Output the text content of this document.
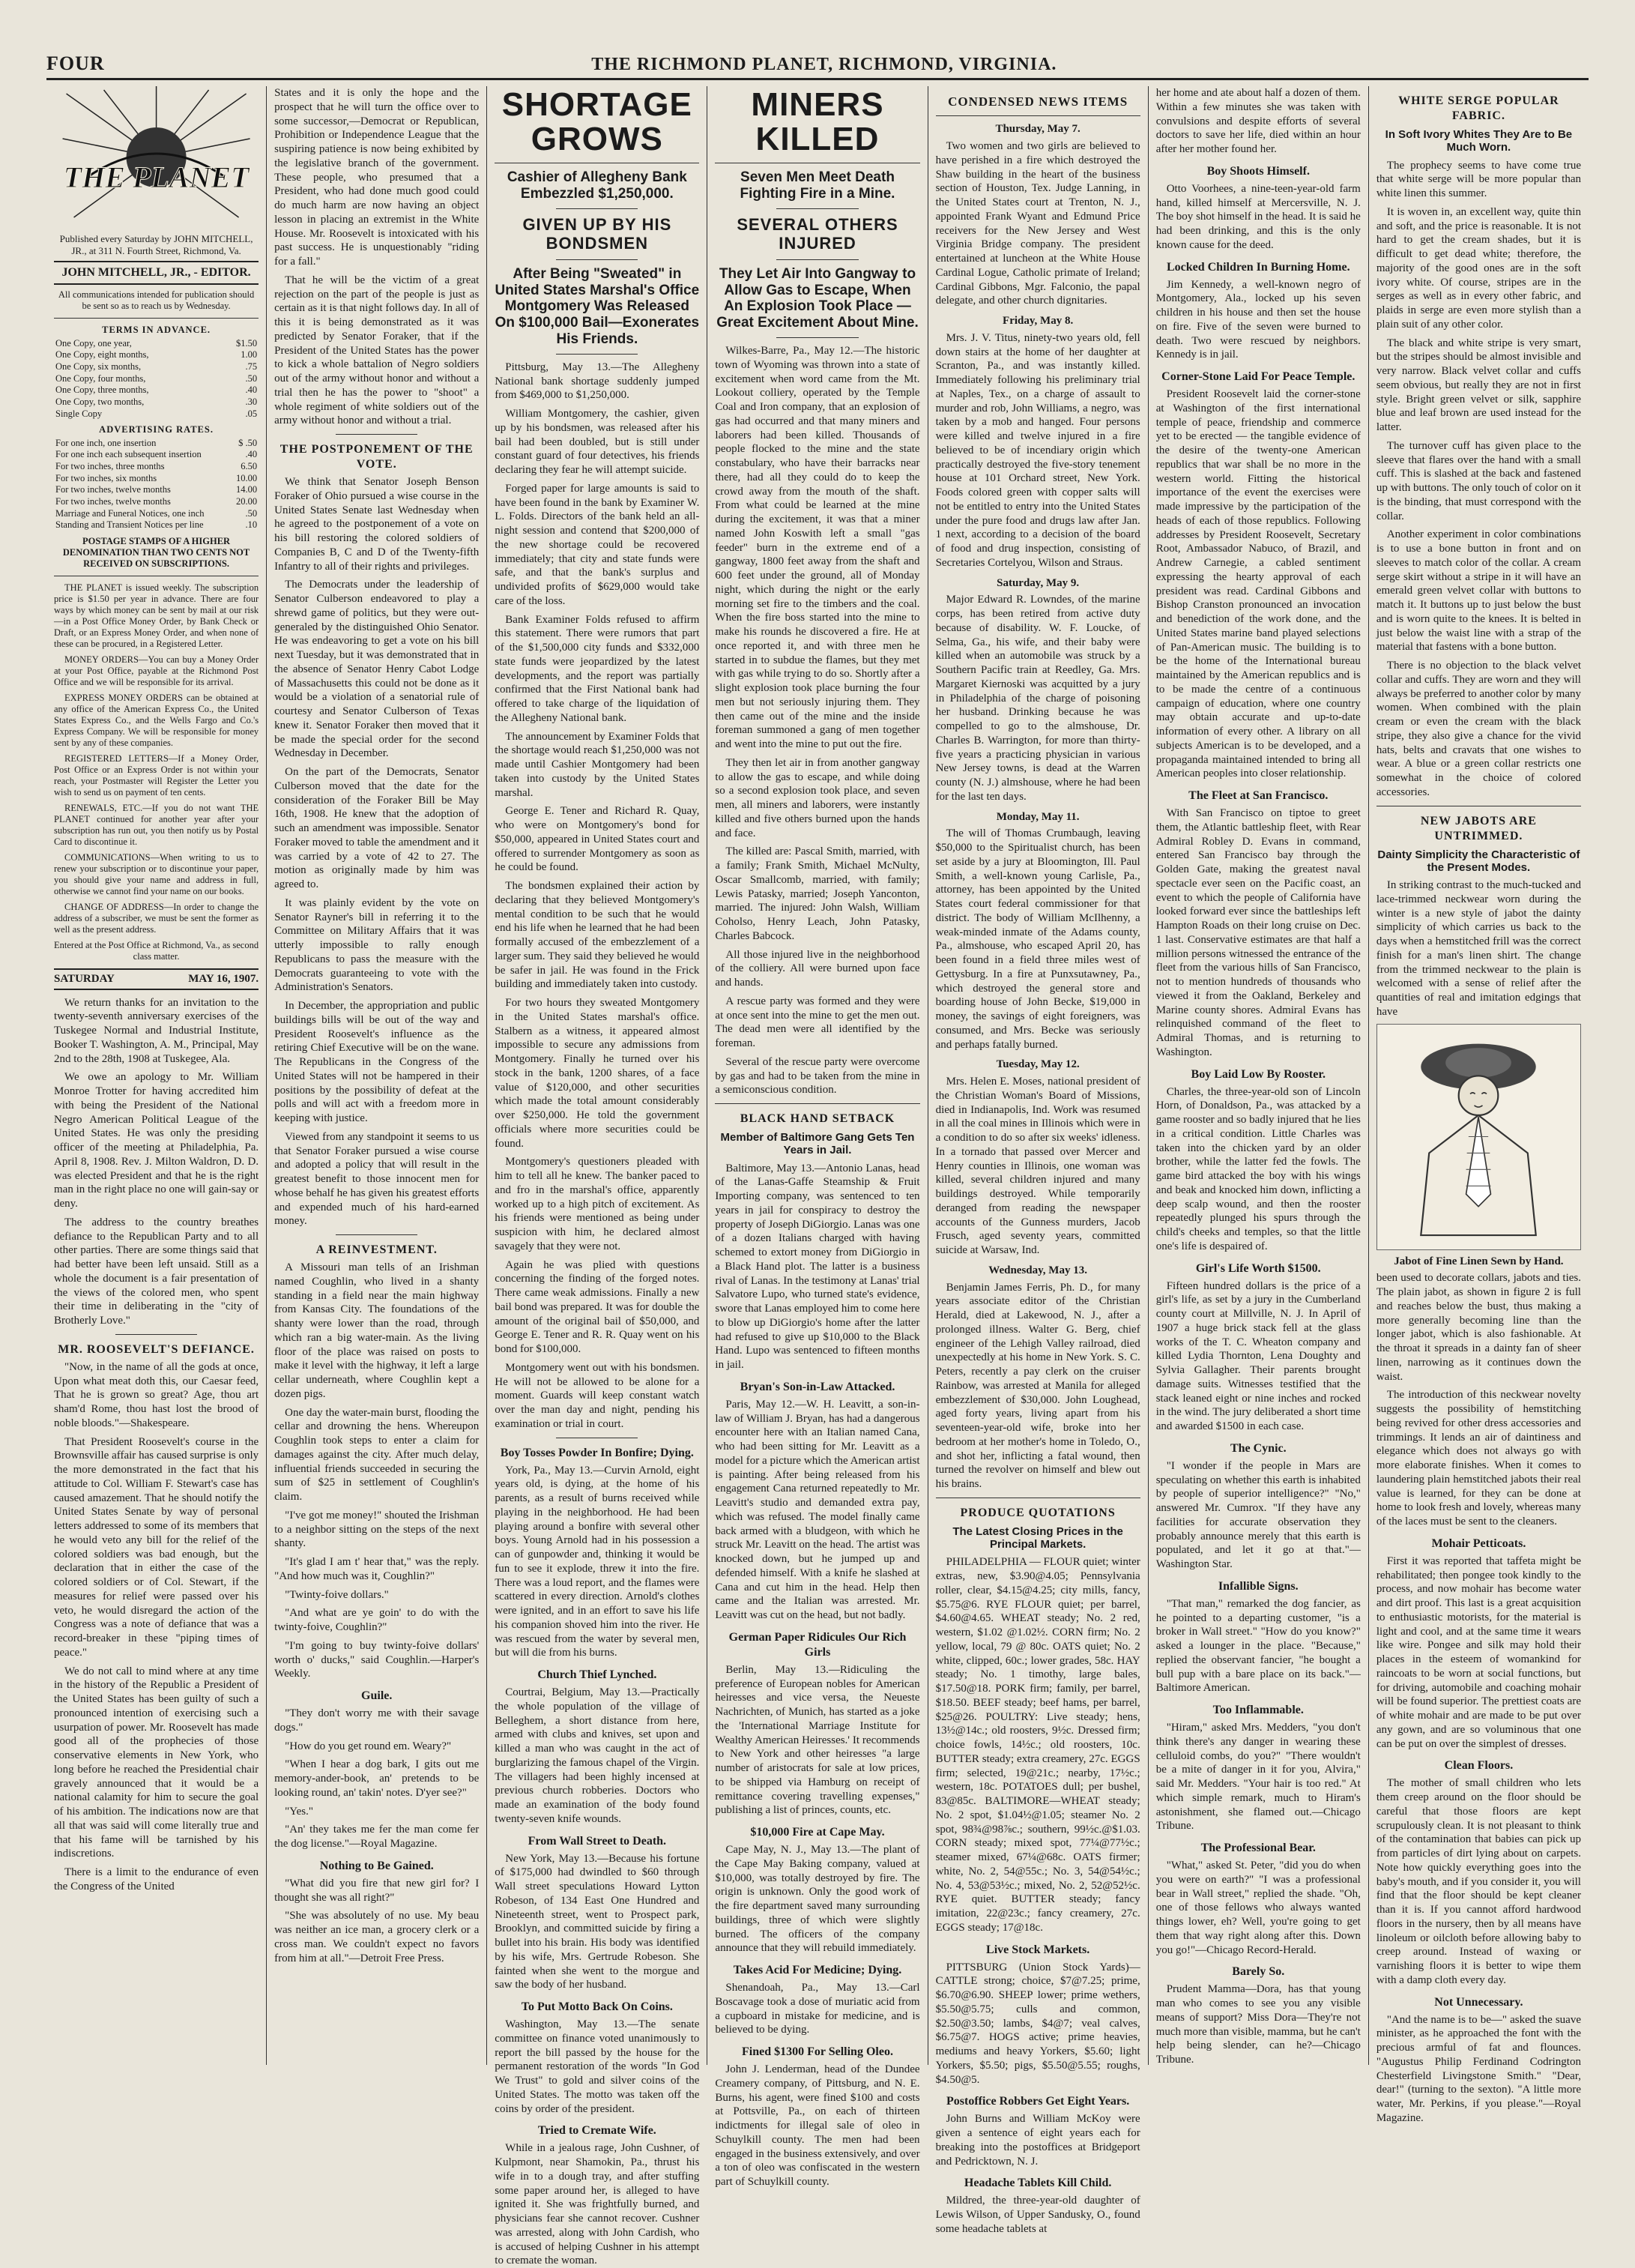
FOUR	THE RICHMOND PLANET, RICHMOND, VIRGINIA.
THE PLANET
Published every Saturday by JOHN MITCHELL, JR., at 311 N. Fourth Street, Richmond, Va.
JOHN MITCHELL, JR., - EDITOR.
All communications intended for publication should be sent so as to reach us by Wednesday.
TERMS IN ADVANCE.
One Copy, one year,	$1.50
One Copy, eight months,	1.00
One Copy, six months,	.75
One Copy, four months,	.50
One Copy, three months,	.40
One Copy, two months,	.30
Single Copy	.05
ADVERTISING RATES.
For one inch, one insertion	$ .50
For one inch each subsequent insertion	.40
For two inches, three months	6.50
For two inches, six months	10.00
For two inches, twelve months	14.00
For two inches, twelve months	20.00
Marriage and Funeral Notices, one inch	.50
Standing and Transient Notices per line	.10
POSTAGE STAMPS OF A HIGHER DENOMINATION THAN TWO CENTS NOT RECEIVED ON SUBSCRIPTIONS.

THE PLANET is issued weekly. The subscription price is $1.50 per year in advance. There are four ways by which money can be sent by mail at our risk—in a Post Office Money Order, by Bank Check or Draft, or an Express Money Order, and when none of these can be procured, in a Registered Letter.

MONEY ORDERS—You can buy a Money Order at your Post Office, payable at the Richmond Post Office and we will be responsible for its arrival.

EXPRESS MONEY ORDERS can be obtained at any office of the American Express Co., the United States Express Co., and the Wells Fargo and Co.'s Express Company. We will be responsible for money sent by any of these companies.

REGISTERED LETTERS—If a Money Order, Post Office or an Express Order is not within your reach, your Postmaster will Register the Letter you wish to send us on payment of ten cents.

RENEWALS, ETC.—If you do not want THE PLANET continued for another year after your subscription has run out, you then notify us by Postal Card to discontinue it.

COMMUNICATIONS—When writing to us to renew your subscription or to discontinue your paper, you should give your name and address in full, otherwise we cannot find your name on our books.

CHANGE OF ADDRESS—In order to change the address of a subscriber, we must be sent the former as well as the present address.

Entered at the Post Office at Richmond, Va., as second class matter.

SATURDAY	MAY 16, 1907.

We return thanks for an invitation to the twenty-seventh anniversary exercises of the Tuskegee Normal and Industrial Institute, Booker T. Washington, A. M., Principal, May 2nd to the 28th, 1908 at Tuskegee, Ala.

We owe an apology to Mr. William Monroe Trotter for having accredited him with being the President of the National Negro American Political League of the United States. He was only the presiding officer of the meeting at Philadelphia, Pa. April 8, 1908. Rev. J. Milton Waldron, D. D. was elected President and that he is the right man in the right place no one will gain-say or deny.

The address to the country breathes defiance to the Republican Party and to all other parties. There are some things said that had better have been left unsaid. Still as a whole the document is a fair presentation of the views of the colored men, who spent their time in deliberating in the "city of Brotherly Love."

MR. ROOSEVELT'S DEFIANCE.

"Now, in the name of all the gods at once, Upon what meat doth this, our Caesar feed, That he is grown so great? Age, thou art sham'd Rome, thou hast lost the brood of noble bloods."—Shakespeare.

That President Roosevelt's course in the Brownsville affair has caused surprise is only the more demonstrated in the fact that his attitude to Col. William F. Stewart's case has caused amazement. That he should notify the United States Senate by way of personal letters addressed to some of its members that he would veto any bill for the relief of the colored soldiers was bad enough, but the declaration that in either the case of the colored soldiers or of Col. Stewart, if the measures for relief were passed over his veto, he would disregard the action of the Congress was a note of defiance that was a record-breaker in these "piping times of peace."

We do not call to mind where at any time in the history of the Republic a President of the United States has been guilty of such a pronounced intention of exercising such a usurpation of power. Mr. Roosevelt has made good all of the prophecies of those conservative elements in New York, who long before he reached the Presidential chair gravely announced that it would be a national calamity for him to secure the goal of his ambition. The indications now are that all that was said will come literally true and that his fame will be tarnished by his indiscretions.

There is a limit to the endurance of even the Congress of the United

States and it is only the hope and the prospect that he will turn the office over to some successor,—Democrat or Republican, Prohibition or Independence League that the suspiring patience is now being exhibited by the legislative branch of the government. These people, who presumed that a President, who had done much good could do much harm are now having an object lesson in placing an extremist in the White House. Mr. Roosevelt is intoxicated with his past success. He is unquestionably "riding for a fall."

That he will be the victim of a great rejection on the part of the people is just as certain as it is that night follows day. In all of this it is being demonstrated as it was predicted by Senator Foraker, that if the President of the United States has the power to kick a whole battalion of Negro soldiers out of the army without honor and without a trial then he has the power to "shoot" a whole regiment of white soldiers out of the army without honor and without a trial.

THE POSTPONEMENT OF THE VOTE.

We think that Senator Joseph Benson Foraker of Ohio pursued a wise course in the United States Senate last Wednesday when he agreed to the postponement of a vote on his bill restoring the colored soldiers of Companies B, C and D of the Twenty-fifth Infantry to all of their rights and privileges.

The Democrats under the leadership of Senator Culberson endeavored to play a shrewd game of politics, but they were out-generaled by the distinguished Ohio Senator. He was endeavoring to get a vote on his bill next Tuesday, but it was demonstrated that in the absence of Senator Henry Cabot Lodge of Massachusetts this could not be done as it would be a violation of a senatorial rule of courtesy and Senator Culberson of Texas knew it. Senator Foraker then moved that it be made the special order for the second Wednesday in December.

On the part of the Democrats, Senator Culberson moved that the date for the consideration of the Foraker Bill be May 16th, 1908. He knew that the adoption of such an amendment was impossible. Senator Foraker moved to table the amendment and it was carried by a vote of 42 to 27. The motion as originally made by him was agreed to.

It was plainly evident by the vote on Senator Rayner's bill in referring it to the Committee on Military Affairs that it was utterly impossible to rally enough Republicans to pass the measure with the Democrats guaranteeing to vote with the Administration's Senators.

In December, the appropriation and public buildings bills will be out of the way and President Roosevelt's influence as the retiring Chief Executive will be on the wane. The Republicans in the Congress of the United States will not be hampered in their positions by the possibility of defeat at the polls and will act with a freedom more in keeping with justice.

Viewed from any standpoint it seems to us that Senator Foraker pursued a wise course and adopted a policy that will result in the greatest benefit to those innocent men for whose behalf he has given his greatest efforts and expended much of his hard-earned money.

A REINVESTMENT.

A Missouri man tells of an Irishman named Coughlin, who lived in a shanty standing in a field near the main highway from Kansas City. The foundations of the shanty were lower than the road, through which ran a big water-main. As the living floor of the place was raised on posts to make it level with the highway, it left a large cellar underneath, where Coughlin kept a dozen pigs.

One day the water-main burst, flooding the cellar and drowning the hens. Whereupon Coughlin took steps to enter a claim for damages against the city. After much delay, influential friends succeeded in securing the sum of $25 in settlement of Coughlin's claim.

"I've got me money!" shouted the Irishman to a neighbor sitting on the steps of the next shanty.

"It's glad I am t' hear that," was the reply. "And how much was it, Coughlin?"

"Twinty-foive dollars."

"And what are ye goin' to do with the twinty-foive, Coughlin?"

"I'm going to buy twinty-foive dollars' worth o' ducks," said Coughlin.—Harper's Weekly.

Guile.

"They don't worry me with their savage dogs."

"How do you get round em. Weary?"

"When I hear a dog bark, I gits out me memory-ander-book, an' pretends to be looking round, an' takin' notes. D'yer see?"

"Yes."

"An' they takes me fer the man come fer the dog license."—Royal Magazine.

Nothing to Be Gained.

"What did you fire that new girl for? I thought she was all right?"

"She was absolutely of no use. My beau was neither an ice man, a grocery clerk or a cross man. We couldn't expect no favors from him at all."—Detroit Free Press.

SHORTAGE GROWS
Cashier of Allegheny Bank Embezzled $1,250,000.
GIVEN UP BY HIS BONDSMEN
After Being "Sweated" in United States Marshal's Office Montgomery Was Released On $100,000 Bail—Exonerates His Friends.

Pittsburg, May 13.—The Allegheny National bank shortage suddenly jumped from $469,000 to $1,250,000.

William Montgomery, the cashier, given up by his bondsmen, was released after his bail had been doubled, but is still under constant guard of four detectives, his friends declaring they fear he will attempt suicide.

Forged paper for large amounts is said to have been found in the bank by Examiner W. L. Folds. Directors of the bank held an all-night session and contend that $200,000 of the new shortage could be recovered immediately; that city and state funds were safe, and that the bank's surplus and undivided profits of $629,000 would take care of the loss.

Bank Examiner Folds refused to affirm this statement. There were rumors that part of the $1,500,000 city funds and $332,000 state funds were jeopardized by the latest developments, and the report was partially confirmed that the First National bank had offered to take charge of the liquidation of the Allegheny National bank.

The announcement by Examiner Folds that the shortage would reach $1,250,000 was not made until Cashier Montgomery had been taken into custody by the United States marshal.

George E. Tener and Richard R. Quay, who were on Montgomery's bond for $50,000, appeared in United States court and offered to surrender Montgomery as soon as he could be found.

The bondsmen explained their action by declaring that they believed Montgomery's mental condition to be such that he would end his life when he learned that he had been formally accused of the embezzlement of a larger sum. They said they believed he would be safer in jail. He was found in the Frick building and immediately taken into custody.

For two hours they sweated Montgomery in the United States marshal's office. Stalbern as a witness, it appeared almost impossible to secure any admissions from Montgomery. Finally he turned over his stock in the bank, 1200 shares, of a face value of $120,000, and other securities which made the total amount considerably over $250,000. He told the government officials where more securities could be found.

Montgomery's questioners pleaded with him to tell all he knew. The banker paced to and fro in the marshal's office, apparently worked up to a high pitch of excitement. As his friends were mentioned as being under suspicion with him, he declared almost savagely that they were not.

Again he was plied with questions concerning the finding of the forged notes. There came weak admissions. Finally a new bail bond was prepared. It was for double the amount of the original bail of $50,000, and George E. Tener and R. R. Quay went on his bond for $100,000.

Montgomery went out with his bondsmen. He will not be allowed to be alone for a moment. Guards will keep constant watch over the man day and night, pending his examination or trial in court.

Boy Tosses Powder In Bonfire; Dying.

York, Pa., May 13.—Curvin Arnold, eight years old, is dying, at the home of his parents, as a result of burns received while playing in the neighborhood. He had been playing around a bonfire with several other boys. Young Arnold had in his possession a can of gunpowder and, thinking it would be fun to see it explode, threw it into the fire. There was a loud report, and the flames were scattered in every direction. Arnold's clothes were ignited, and in an effort to save his life his companion shoved him into the river. He was rescued from the water by several men, but will die from his burns.

Church Thief Lynched.

Courtrai, Belgium, May 13.—Practically the whole population of the village of Belleghem, a short distance from here, armed with clubs and knives, set upon and killed a man who was caught in the act of burglarizing the famous chapel of the Virgin. The villagers had been highly incensed at previous church robberies. Doctors who made an examination of the body found twenty-seven knife wounds.

From Wall Street to Death.

New York, May 13.—Because his fortune of $175,000 had dwindled to $60 through Wall street speculations Howard Lytton Robeson, of 134 East One Hundred and Nineteenth street, went to Prospect park, Brooklyn, and committed suicide by firing a bullet into his brain. His body was identified by his wife, Mrs. Gertrude Robeson. She fainted when she went to the morgue and saw the body of her husband.

To Put Motto Back On Coins.

Washington, May 13.—The senate committee on finance voted unanimously to report the bill passed by the house for the permanent restoration of the words "In God We Trust" to gold and silver coins of the United States. The motto was taken off the coins by order of the president.

Tried to Cremate Wife.

While in a jealous rage, John Cushner, of Kulpmont, near Shamokin, Pa., thrust his wife in to a dough tray, and after stuffing some paper around her, is alleged to have ignited it. She was frightfully burned, and physicians fear she cannot recover. Cushner was arrested, along with John Cardish, who is accused of helping Cushner in his attempt to cremate the woman.

MINERS KILLED
Seven Men Meet Death Fighting Fire in a Mine.
SEVERAL OTHERS INJURED
They Let Air Into Gangway to Allow Gas to Escape, When An Explosion Took Place — Great Excitement About Mine.

Wilkes-Barre, Pa., May 12.—The historic town of Wyoming was thrown into a state of excitement when word came from the Mt. Lookout colliery, operated by the Temple Coal and Iron company, that an explosion of gas had occurred and that many miners and laborers had been killed. Thousands of people flocked to the mine and the state constabulary, who have their barracks near there, had all they could do to keep the crowd away from the mouth of the shaft. From what could be learned at the mine during the excitement, it was that a miner named John Koswith left a small "gas feeder" burn in the extreme end of a gangway, 1800 feet away from the shaft and 600 feet under the ground, all of Monday night, which during the night or the early morning set fire to the timbers and the coal. When the fire boss started into the mine to make his rounds he discovered a fire. He at once reported it, and with three men he started in to subdue the flames, but they met with gas while trying to do so. Shortly after a slight explosion took place burning the four men but not seriously injuring them. They then came out of the mine and the inside foreman summoned a gang of men together and went into the mine to put out the fire.

They then let air in from another gangway to allow the gas to escape, and while doing so a second explosion took place, and seven men, all miners and laborers, were instantly killed and five others burned upon the hands and face.

The killed are: Pascal Smith, married, with a family; Frank Smith, Michael McNulty, Oscar Smallcomb, married, with family; Lewis Patasky, married; Joseph Yanconton, married. The injured: John Walsh, William Coholso, Henry Leach, John Patasky, Charles Babcock.

All those injured live in the neighborhood of the colliery. All were burned upon face and hands.

A rescue party was formed and they were at once sent into the mine to get the men out. The dead men were all identified by the foreman.

Several of the rescue party were overcome by gas and had to be taken from the mine in a semiconscious condition.

BLACK HAND SETBACK
Member of Baltimore Gang Gets Ten Years in Jail.

Baltimore, May 13.—Antonio Lanas, head of the Lanas-Gaffe Steamship & Fruit Importing company, was sentenced to ten years in jail for conspiracy to destroy the property of Joseph DiGiorgio. Lanas was one of a dozen Italians charged with having schemed to extort money from DiGiorgio in a Black Hand plot. The latter is a business rival of Lanas. In the testimony at Lanas' trial Salvatore Lupo, who turned state's evidence, swore that Lanas employed him to come here to blow up DiGiorgio's home after the latter had refused to give up $10,000 to the Black Hand. Lupo was sentenced to fifteen months in jail.

Bryan's Son-in-Law Attacked.

Paris, May 12.—W. H. Leavitt, a son-in-law of William J. Bryan, has had a dangerous encounter here with an Italian named Cana, who had been sitting for Mr. Leavitt as a model for a picture which the American artist is painting. After being released from his engagement Cana returned repeatedly to Mr. Leavitt's studio and demanded extra pay, which was refused. The model finally came back armed with a bludgeon, with which he struck Mr. Leavitt on the head. The artist was knocked down, but he jumped up and defended himself. With a knife he slashed at Cana and cut him in the head. Help then came and the Italian was arrested. Mr. Leavitt was cut on the head, but not badly.

German Paper Ridicules Our Rich Girls

Berlin, May 13.—Ridiculing the preference of European nobles for American heiresses and vice versa, the Neueste Nachrichten, of Munich, has started as a joke the 'International Marriage Institute for Wealthy American Heiresses.' It recommends to New York and other heiresses "a large number of aristocrats for sale at low prices, to be shipped via Hamburg on receipt of remittance covering travelling expenses," publishing a list of princes, counts, etc.

$10,000 Fire at Cape May.

Cape May, N. J., May 13.—The plant of the Cape May Baking company, valued at $10,000, was totally destroyed by fire. The origin is unknown. Only the good work of the fire department saved many surrounding buildings, three of which were slightly burned. The officers of the company announce that they will rebuild immediately.

Takes Acid For Medicine; Dying.

Shenandoah, Pa., May 13.—Carl Boscavage took a dose of muriatic acid from a cupboard in mistake for medicine, and is believed to be dying.

Fined $1300 For Selling Oleo.

John J. Lenderman, head of the Dundee Creamery company, of Pittsburg, and N. E. Burns, his agent, were fined $100 and costs at Pottsville, Pa., on each of thirteen indictments for illegal sale of oleo in Schuylkill county. The men had been engaged in the business extensively, and over a ton of oleo was confiscated in the western part of Schuylkill county.

CONDENSED NEWS ITEMS
Thursday, May 7.

Two women and two girls are believed to have perished in a fire which destroyed the Shaw building in the heart of the business section of Houston, Tex. Judge Lanning, in the United States court at Trenton, N. J., appointed Frank Wyant and Edmund Price receivers for the New Jersey and West Virginia Bridge company. The president entertained at luncheon at the White House Cardinal Logue, Catholic primate of Ireland; Cardinal Gibbons, Mgr. Falconio, the papal delegate, and other church dignitaries.

Friday, May 8.

Mrs. J. V. Titus, ninety-two years old, fell down stairs at the home of her daughter at Scranton, Pa., and was instantly killed. Immediately following his preliminary trial at Naples, Tex., on a charge of assault to murder and rob, John Williams, a negro, was taken by a mob and hanged. Four persons were killed and twelve injured in a fire believed to be of incendiary origin which practically destroyed the five-story tenement house at 101 Orchard street, New York. Foods colored green with copper salts will not be entitled to entry into the United States under the pure food and drugs law after Jan. 1 next, according to a decision of the board of food and drug inspection, consisting of Secretaries Cortelyou, Wilson and Straus.

Saturday, May 9.

Major Edward R. Lowndes, of the marine corps, has been retired from active duty because of disability. W. F. Loucke, of Selma, Ga., his wife, and their baby were killed when an automobile was struck by a Southern Pacific train at Reedley, Ga. Mrs. Margaret Kiernoski was acquitted by a jury in Philadelphia of the charge of poisoning her husband. Drinking because he was compelled to go to the almshouse, Dr. Charles B. Warrington, for more than thirty-five years a practicing physician in various New Jersey towns, is dead at the Warren county (N. J.) almshouse, where he had been for the last ten days.

Monday, May 11.

The will of Thomas Crumbaugh, leaving $50,000 to the Spiritualist church, has been set aside by a jury at Bloomington, Ill. Paul Smith, a well-known young Carlisle, Pa., attorney, has been appointed by the United States court federal commissioner for that district. The body of William McIlhenny, a weak-minded inmate of the Adams county, Pa., almshouse, who escaped April 20, has been found in a field three miles west of Gettysburg. In a fire at Punxsutawney, Pa., which destroyed the general store and boarding house of John Becke, $19,000 in money, the savings of eight foreigners, was consumed, and Mrs. Becke was seriously and perhaps fatally burned.

Tuesday, May 12.

Mrs. Helen E. Moses, national president of the Christian Woman's Board of Missions, died in Indianapolis, Ind. Work was resumed in all the coal mines in Illinois which were in a condition to do so after six weeks' idleness. In a tornado that passed over Mercer and Henry counties in Illinois, one woman was killed, several children injured and many buildings destroyed. While temporarily deranged from reading the newspaper accounts of the Gunness murders, Jacob Frusch, aged seventy years, committed suicide at Warsaw, Ind.

Wednesday, May 13.

Benjamin James Ferris, Ph. D., for many years associate editor of the Christian Herald, died at Lakewood, N. J., after a prolonged illness. Walter G. Berg, chief engineer of the Lehigh Valley railroad, died unexpectedly at his home in New York. S. C. Peters, recently a pay clerk on the cruiser Rainbow, was arrested at Manila for alleged embezzlement of $30,000. John Loughead, aged forty years, living apart from his seventeen-year-old wife, broke into her bedroom at her mother's home in Toledo, O., and shot her, inflicting a fatal wound, then turned the revolver on himself and blew out his brains.

PRODUCE QUOTATIONS
The Latest Closing Prices in the Principal Markets.

PHILADELPHIA — FLOUR quiet; winter extras, new, $3.90@4.05; Pennsylvania roller, clear, $4.15@4.25; city mills, fancy, $5.75@6. RYE FLOUR quiet; per barrel, $4.60@4.65. WHEAT steady; No. 2 red, western, $1.02 @1.02½. CORN firm; No. 2 yellow, local, 79 @ 80c. OATS quiet; No. 2 white, clipped, 60c.; lower grades, 58c. HAY steady; No. 1 timothy, large bales, $17.50@18. PORK firm; family, per barrel, $18.50. BEEF steady; beef hams, per barrel, $25@26. POULTRY: Live steady; hens, 13½@14c.; old roosters, 9½c. Dressed firm; choice fowls, 14½c.; old roosters, 10c. BUTTER steady; extra creamery, 27c. EGGS firm; selected, 19@21c.; nearby, 17½c.; western, 18c. POTATOES dull; per bushel, 83@85c. BALTIMORE—WHEAT steady; No. 2 spot, $1.04½@1.05; steamer No. 2 spot, 98¾@98⅞c.; southern, 99½c.@$1.03. CORN steady; mixed spot, 77¼@77½c.; steamer mixed, 67¼@68c. OATS firmer; white, No. 2, 54@55c.; No. 3, 54@54½c.; No. 4, 53@53½c.; mixed, No. 2, 52@52½c. RYE quiet. BUTTER steady; fancy imitation, 22@23c.; fancy creamery, 27c. EGGS steady; 17@18c.

Live Stock Markets.

PITTSBURG (Union Stock Yards)—CATTLE strong; choice, $7@7.25; prime, $6.70@6.90. SHEEP lower; prime wethers, $5.50@5.75; culls and common, $2.50@3.50; lambs, $4@7; veal calves, $6.75@7. HOGS active; prime heavies, mediums and heavy Yorkers, $5.60; light Yorkers, $5.50; pigs, $5.50@5.55; roughs, $4.50@5.

Postoffice Robbers Get Eight Years.

John Burns and William McKoy were given a sentence of eight years each for breaking into the postoffices at Bridgeport and Pedricktown, N. J.

Headache Tablets Kill Child.

Mildred, the three-year-old daughter of Lewis Wilson, of Upper Sandusky, O., found some headache tablets at

her home and ate about half a dozen of them. Within a few minutes she was taken with convulsions and despite efforts of several doctors to save her life, died within an hour after her mother found her.

Boy Shoots Himself.

Otto Voorhees, a nine-teen-year-old farm hand, killed himself at Mercersville, N. J. The boy shot himself in the head. It is said he had been drinking, and this is the only known cause for the deed.

Locked Children In Burning Home.

Jim Kennedy, a well-known negro of Montgomery, Ala., locked up his seven children in his house and then set the house on fire. Five of the seven were burned to death. Two were rescued by neighbors. Kennedy is in jail.

Corner-Stone Laid For Peace Temple.

President Roosevelt laid the corner-stone at Washington of the first international temple of peace, friendship and commerce yet to be erected — the tangible evidence of the desire of the twenty-one American republics that war shall be no more in the western world. Fitting the historical importance of the event the exercises were made impressive by the participation of the heads of each of those republics. Following addresses by President Roosevelt, Secretary Root, Ambassador Nabuco, of Brazil, and Andrew Carnegie, a cabled sentiment expressing the hearty approval of each president was read. Cardinal Gibbons and Bishop Cranston pronounced an invocation and benediction of the work done, and the United States marine band played selections of Pan-American music. The building is to be the home of the International bureau maintained by the American republics and is to be made the centre of a continuous campaign of education, where one country may obtain accurate and up-to-date information of every other. A library on all subjects American is to be developed, and a propaganda maintained intended to bring all American peoples into closer relationship.

The Fleet at San Francisco.

With San Francisco on tiptoe to greet them, the Atlantic battleship fleet, with Rear Admiral Robley D. Evans in command, entered San Francisco bay through the Golden Gate, making the greatest naval spectacle ever seen on the Pacific coast, an event to which the people of California have looked forward ever since the battleships left Hampton Roads on their long cruise on Dec. 1 last. Conservative estimates are that half a million persons witnessed the entrance of the fleet from the various hills of San Francisco, not to mention hundreds of thousands who viewed it from the Oakland, Berkeley and Marine county shores. Admiral Evans has relinquished command of the fleet to Admiral Thomas, and is returning to Washington.

Boy Laid Low By Rooster.

Charles, the three-year-old son of Lincoln Horn, of Donaldson, Pa., was attacked by a game rooster and so badly injured that he lies in a critical condition. Little Charles was taken into the chicken yard by an older brother, while the latter fed the fowls. The game bird attacked the boy with his wings and beak and knocked him down, inflicting a deep scalp wound, and then the rooster repeatedly plunged his spurs through the child's cheeks and temples, so that the little one's life is despaired of.

Girl's Life Worth $1500.

Fifteen hundred dollars is the price of a girl's life, as set by a jury in the Cumberland county court at Millville, N. J. In April of 1907 a huge brick stack fell at the glass works of the T. C. Wheaton company and killed Lydia Thornton, Lena Doughty and Sylvia Gallagher. Their parents brought damage suits. Witnesses testified that the stack leaned eight or nine inches and rocked in the wind. The jury deliberated a short time and awarded $1500 in each case.

The Cynic.

"I wonder if the people in Mars are speculating on whether this earth is inhabited by people of superior intelligence?" "No," answered Mr. Cumrox. "If they have any facilities for accurate observation they probably announce merely that this earth is populated, and let it go at that."—Washington Star.

Infallible Signs.

"That man," remarked the dog fancier, as he pointed to a departing customer, "is a broker in Wall street." "How do you know?" asked a lounger in the place. "Because," replied the observant fancier, "he bought a bull pup with a bare place on its back."—Baltimore American.

Too Inflammable.

"Hiram," asked Mrs. Medders, "you don't think there's any danger in wearing these celluloid combs, do you?" "There wouldn't be a mite of danger in it for you, Alvira," said Mr. Medders. "Your hair is too red." At which simple remark, much to Hiram's astonishment, she flamed out.—Chicago Tribune.

The Professional Bear.

"What," asked St. Peter, "did you do when you were on earth?" "I was a professional bear in Wall street," replied the shade. "Oh, one of those fellows who always wanted things lower, eh? Well, you're going to get them that way right along after this. Down you go!"—Chicago Record-Herald.

Barely So.

Prudent Mamma—Dora, has that young man who comes to see you any visible means of support? Miss Dora—They're not much more than visible, mamma, but he can't help being slender, can he?—Chicago Tribune.

WHITE SERGE POPULAR FABRIC.
In Soft Ivory Whites They Are to Be Much Worn.

The prophecy seems to have come true that white serge will be more popular than white linen this summer.

It is woven in, an excellent way, quite thin and soft, and the price is reasonable. It is not hard to get the cream shades, but it is difficult to get dead white; therefore, the majority of the good ones are in the soft ivory white. Of course, stripes are in the serges as well as in every other fabric, and plaids in serge are even more stylish than a plain suit of any other color.

The black and white stripe is very smart, but the stripes should be almost invisible and very narrow. Black velvet collar and cuffs seem obvious, but really they are not in first style. Bright green velvet or silk, sapphire blue and leaf brown are used instead for the latter.

The turnover cuff has given place to the sleeve that flares over the hand with a small cuff. This is slashed at the back and fastened up with buttons. The only touch of color on it is the binding, that must correspond with the collar.

Another experiment in color combinations is to use a bone button in front and on sleeves to match color of the collar. A cream serge skirt without a stripe in it will have an emerald green velvet collar with buttons to match it. It buttons up to just below the bust and is worn quite to the knees. It is belted in just below the waist line with a strap of the material that fastens with a bone button.

There is no objection to the black velvet collar and cuffs. They are worn and they will always be preferred to another color by many women. When combined with the plain cream or even the cream with the black stripe, they also give a chance for the vivid hats, belts and cravats that one wishes to wear. A blue or a green collar restricts one somewhat in the choice of colored accessories.

NEW JABOTS ARE UNTRIMMED.
Dainty Simplicity the Characteristic of the Present Modes.

In striking contrast to the much-tucked and lace-trimmed neckwear worn during the winter is a new style of jabot the dainty simplicity of which carries us back to the days when a hemstitched frill was the correct finish for a man's linen shirt. The change from the trimmed neckwear to the plain is welcomed with a sense of relief after the quantities of real and imitation edgings that have

Jabot of Fine Linen Sewn by Hand.

been used to decorate collars, jabots and ties. The plain jabot, as shown in figure 2 is full and reaches below the bust, thus making a more generally becoming line than the longer jabot, which is also fashionable. At the throat it spreads in a dainty fan of sheer linen, narrowing as it continues down the waist.

The introduction of this neckwear novelty suggests the possibility of hemstitching being revived for other dress accessories and trimmings. It lends an air of daintiness and elegance which does not always go with more elaborate finishes. When it comes to laundering plain hemstitched jabots their real value is learned, for they can be done at home to look fresh and lovely, whereas many of the laces must be sent to the cleaners.

Mohair Petticoats.

First it was reported that taffeta might be rehabilitated; then pongee took kindly to the process, and now mohair has become water and dirt proof. This last is a great acquisition to enthusiastic motorists, for the material is light and cool, and at the same time it wears like wire. Pongee and silk may hold their places in the esteem of womankind for raincoats to be worn at social functions, but for driving, automobile and coaching mohair will be found superior. The prettiest coats are of white mohair and are made to be put over any gown, and are so voluminous that one can be put on over the simplest of dresses.

Clean Floors.

The mother of small children who lets them creep around on the floor should be careful that those floors are kept scrupulously clean. It is not pleasant to think of the contamination that babies can pick up from particles of dirt lying about on carpets. Note how quickly everything goes into the baby's mouth, and if you consider it, you will find that the floor should be kept cleaner than it is. If you cannot afford hardwood floors in the nursery, then by all means have linoleum or oilcloth before allowing baby to creep around. Instead of waxing or varnishing floors it is better to wipe them with a damp cloth every day.

Not Unnecessary.

"And the name is to be—" asked the suave minister, as he approached the font with the precious armful of fat and flounces. "Augustus Philip Ferdinand Codrington Chesterfield Livingstone Smith." "Dear, dear!" (turning to the sexton). "A little more water, Mr. Perkins, if you please."—Royal Magazine.
